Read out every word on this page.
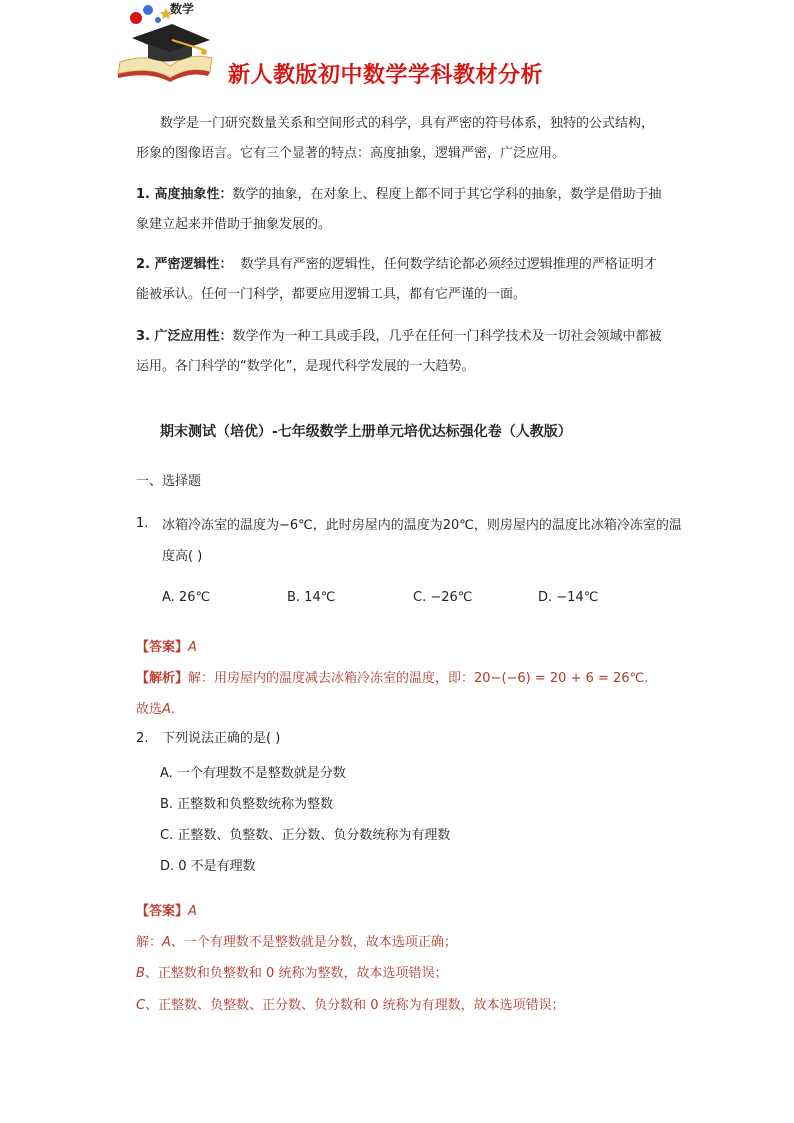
数学
新人教版初中数学学科教材分析
数学是一门研究数量关系和空间形式的科学，具有严密的符号体系，独特的公式结构，形象的图像语言。它有三个显著的特点：高度抽象，逻辑严密，广泛应用。
1. 高度抽象性：数学的抽象，在对象上、程度上都不同于其它学科的抽象，数学是借助于抽象建立起来并借助于抽象发展的。
2. 严密逻辑性：  数学具有严密的逻辑性，任何数学结论都必须经过逻辑推理的严格证明才能被承认。任何一门科学，都要应用逻辑工具，都有它严谨的一面。
3. 广泛应用性：数学作为一种工具或手段，几乎在任何一门科学技术及一切社会领域中都被运用。各门科学的“数学化”，是现代科学发展的一大趋势。
期末测试（培优）-七年级数学上册单元培优达标强化卷（人教版）
一、选择题
1. 冰箱冷冻室的温度为−6℃，此时房屋内的温度为20℃，则房屋内的温度比冰箱冷冻室的温度高( )
A. 26℃	B. 14℃	C. −26℃	D. −14℃
【答案】A
【解析】解：用房屋内的温度减去冰箱冷冻室的温度，即：20−(−6) = 20 + 6 = 26℃.
故选A.
2. 下列说法正确的是( )
A. 一个有理数不是整数就是分数
B. 正整数和负整数统称为整数
C. 正整数、负整数、正分数、负分数统称为有理数
D. 0 不是有理数
【答案】A
解：A、一个有理数不是整数就是分数，故本选项正确；
B、正整数和负整数和 0 统称为整数，故本选项错误；
C、正整数、负整数、正分数、负分数和 0 统称为有理数，故本选项错误；
